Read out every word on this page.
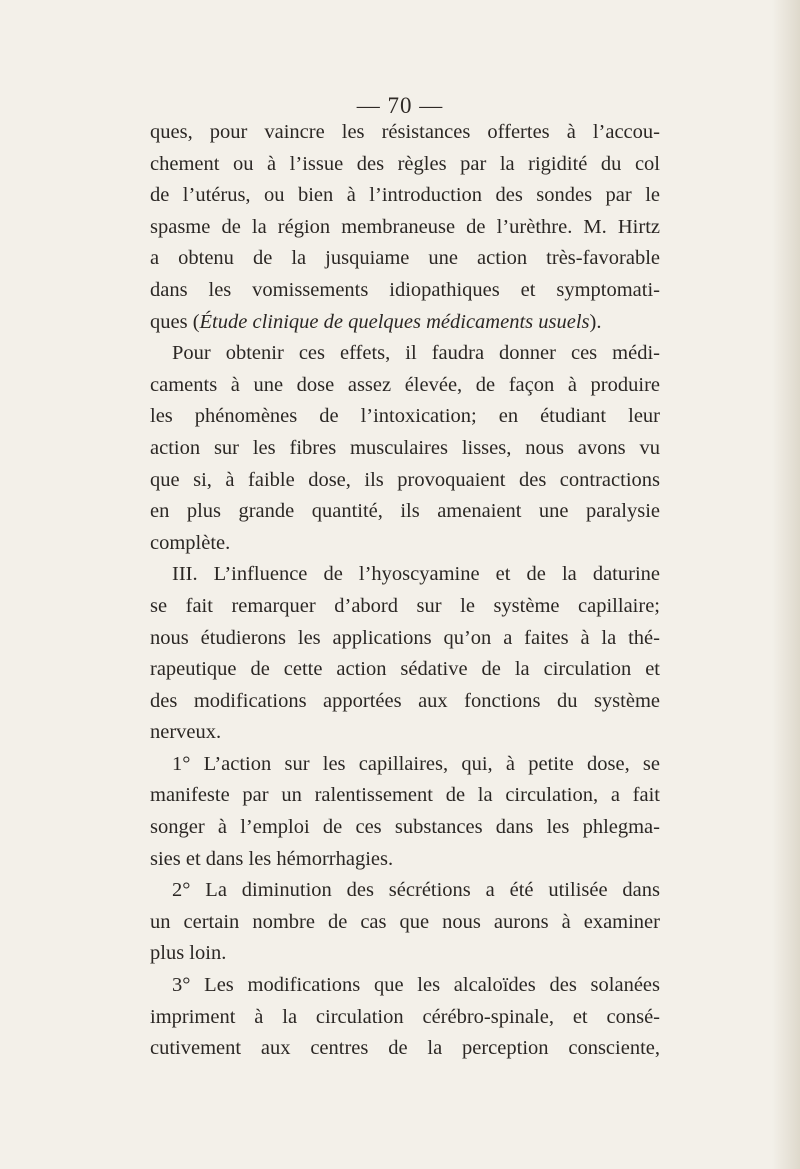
— 70 —
ques, pour vaincre les résistances offertes à l’accou-
chement ou à l’issue des règles par la rigidité du col
de l’utérus, ou bien à l’introduction des sondes par le
spasme de la région membraneuse de l’urèthre. M. Hirtz
a obtenu de la jusquiame une action très-favorable
dans les vomissements idiopathiques et symptomati-
ques (Étude clinique de quelques médicaments usuels).
Pour obtenir ces effets, il faudra donner ces médi-
caments à une dose assez élevée, de façon à produire
les phénomènes de l’intoxication; en étudiant leur
action sur les fibres musculaires lisses, nous avons vu
que si, à faible dose, ils provoquaient des contractions
en plus grande quantité, ils amenaient une paralysie
complète.
III. L’influence de l’hyoscyamine et de la daturine
se fait remarquer d’abord sur le système capillaire;
nous étudierons les applications qu’on a faites à la thé-
rapeutique de cette action sédative de la circulation et
des modifications apportées aux fonctions du système
nerveux.
1° L’action sur les capillaires, qui, à petite dose, se
manifeste par un ralentissement de la circulation, a fait
songer à l’emploi de ces substances dans les phlegma-
sies et dans les hémorrhagies.
2° La diminution des sécrétions a été utilisée dans
un certain nombre de cas que nous aurons à examiner
plus loin.
3° Les modifications que les alcaloïdes des solanées
impriment à la circulation cérébro-spinale, et consé-
cutivement aux centres de la perception consciente,
